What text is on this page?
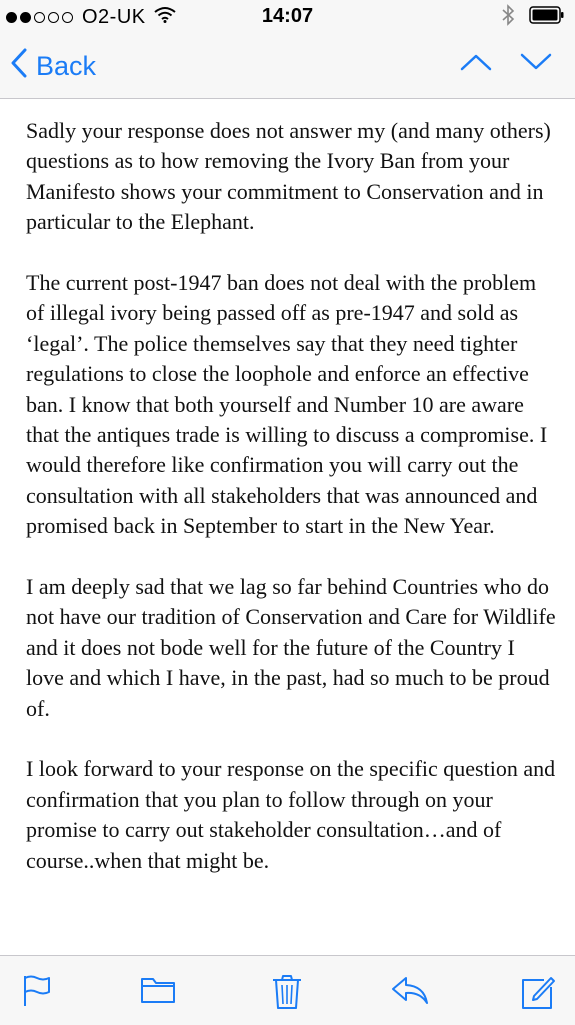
O2-UK	14:07
Back

Sadly your response does not answer my (and many others) questions as to how removing the Ivory Ban from your Manifesto shows your commitment to Conservation and in particular to the Elephant.

The current post-1947 ban does not deal with the problem of illegal ivory being passed off as pre-1947 and sold as ‘legal’. The police themselves say that they need tighter regulations to close the loophole and enforce an effective ban. I know that both yourself and Number 10 are aware that the antiques trade is willing to discuss a compromise. I would therefore like confirmation you will carry out the consultation with all stakeholders that was announced and promised back in September to start in the New Year.

I am deeply sad that we lag so far behind Countries who do not have our tradition of Conservation and Care for Wildlife and it does not bode well for the future of the Country I love and which I have, in the past, had so much to be proud of.

I look forward to your response on the specific question and confirmation that you plan to follow through on your promise to carry out stakeholder consultation…and of course..when that might be.
